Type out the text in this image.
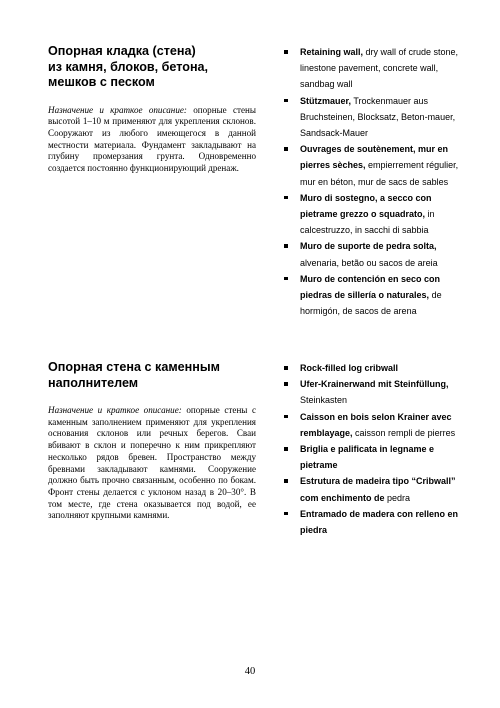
Опорная кладка (стена)
из камня, блоков, бетона,
мешков с песком
Назначение и краткое описание: опорные стены высотой 1–10 м применяют для укрепления склонов. Сооружают из любого имеющегося в данной местности материала. Фундамент закладывают на глубину промерзания грунта. Одновременно создается постоянно функционирующий дренаж.
Retaining wall, dry wall of crude stone, linestone pavement, concrete wall, sandbag wall
Stützmauer, Trockenmauer aus Bruchsteinen, Blocksatz, Beton-mauer, Sandsack-Mauer
Ouvrages de soutènement, mur en pierres sèches, empierrement régulier, mur en béton, mur de sacs de sables
Muro di sostegno, a secco con pietrame grezzo o squadrato, in calcestruzzo, in sacchi di sabbia
Muro de suporte de pedra solta, alvenaria, betão ou sacos de areia
Muro de contención en seco con piedras de sillería o naturales, de hormigón, de sacos de arena
Опорная стена с каменным
наполнителем
Назначение и краткое описание: опорные стены с каменным заполнением применяют для укрепления основания склонов или речных берегов. Сваи вбивают в склон и поперечно к ним прикрепляют несколько рядов бревен. Пространство между бревнами закладывают камнями. Сооружение должно быть прочно связанным, особенно по бокам. Фронт стены делается с уклоном назад в 20–30°. В том месте, где стена оказывается под водой, ее заполняют крупными камнями.
Rock-filled log cribwall
Ufer-Krainerwand mit Steinfüllung, Steinkasten
Caisson en bois selon Krainer avec remblayage, caisson rempli de pierres
Briglia e palificata in legname e pietrame
Estrutura de madeira tipo “Cribwall” com enchimento de pedra
Entramado de madera con relleno en piedra
40
